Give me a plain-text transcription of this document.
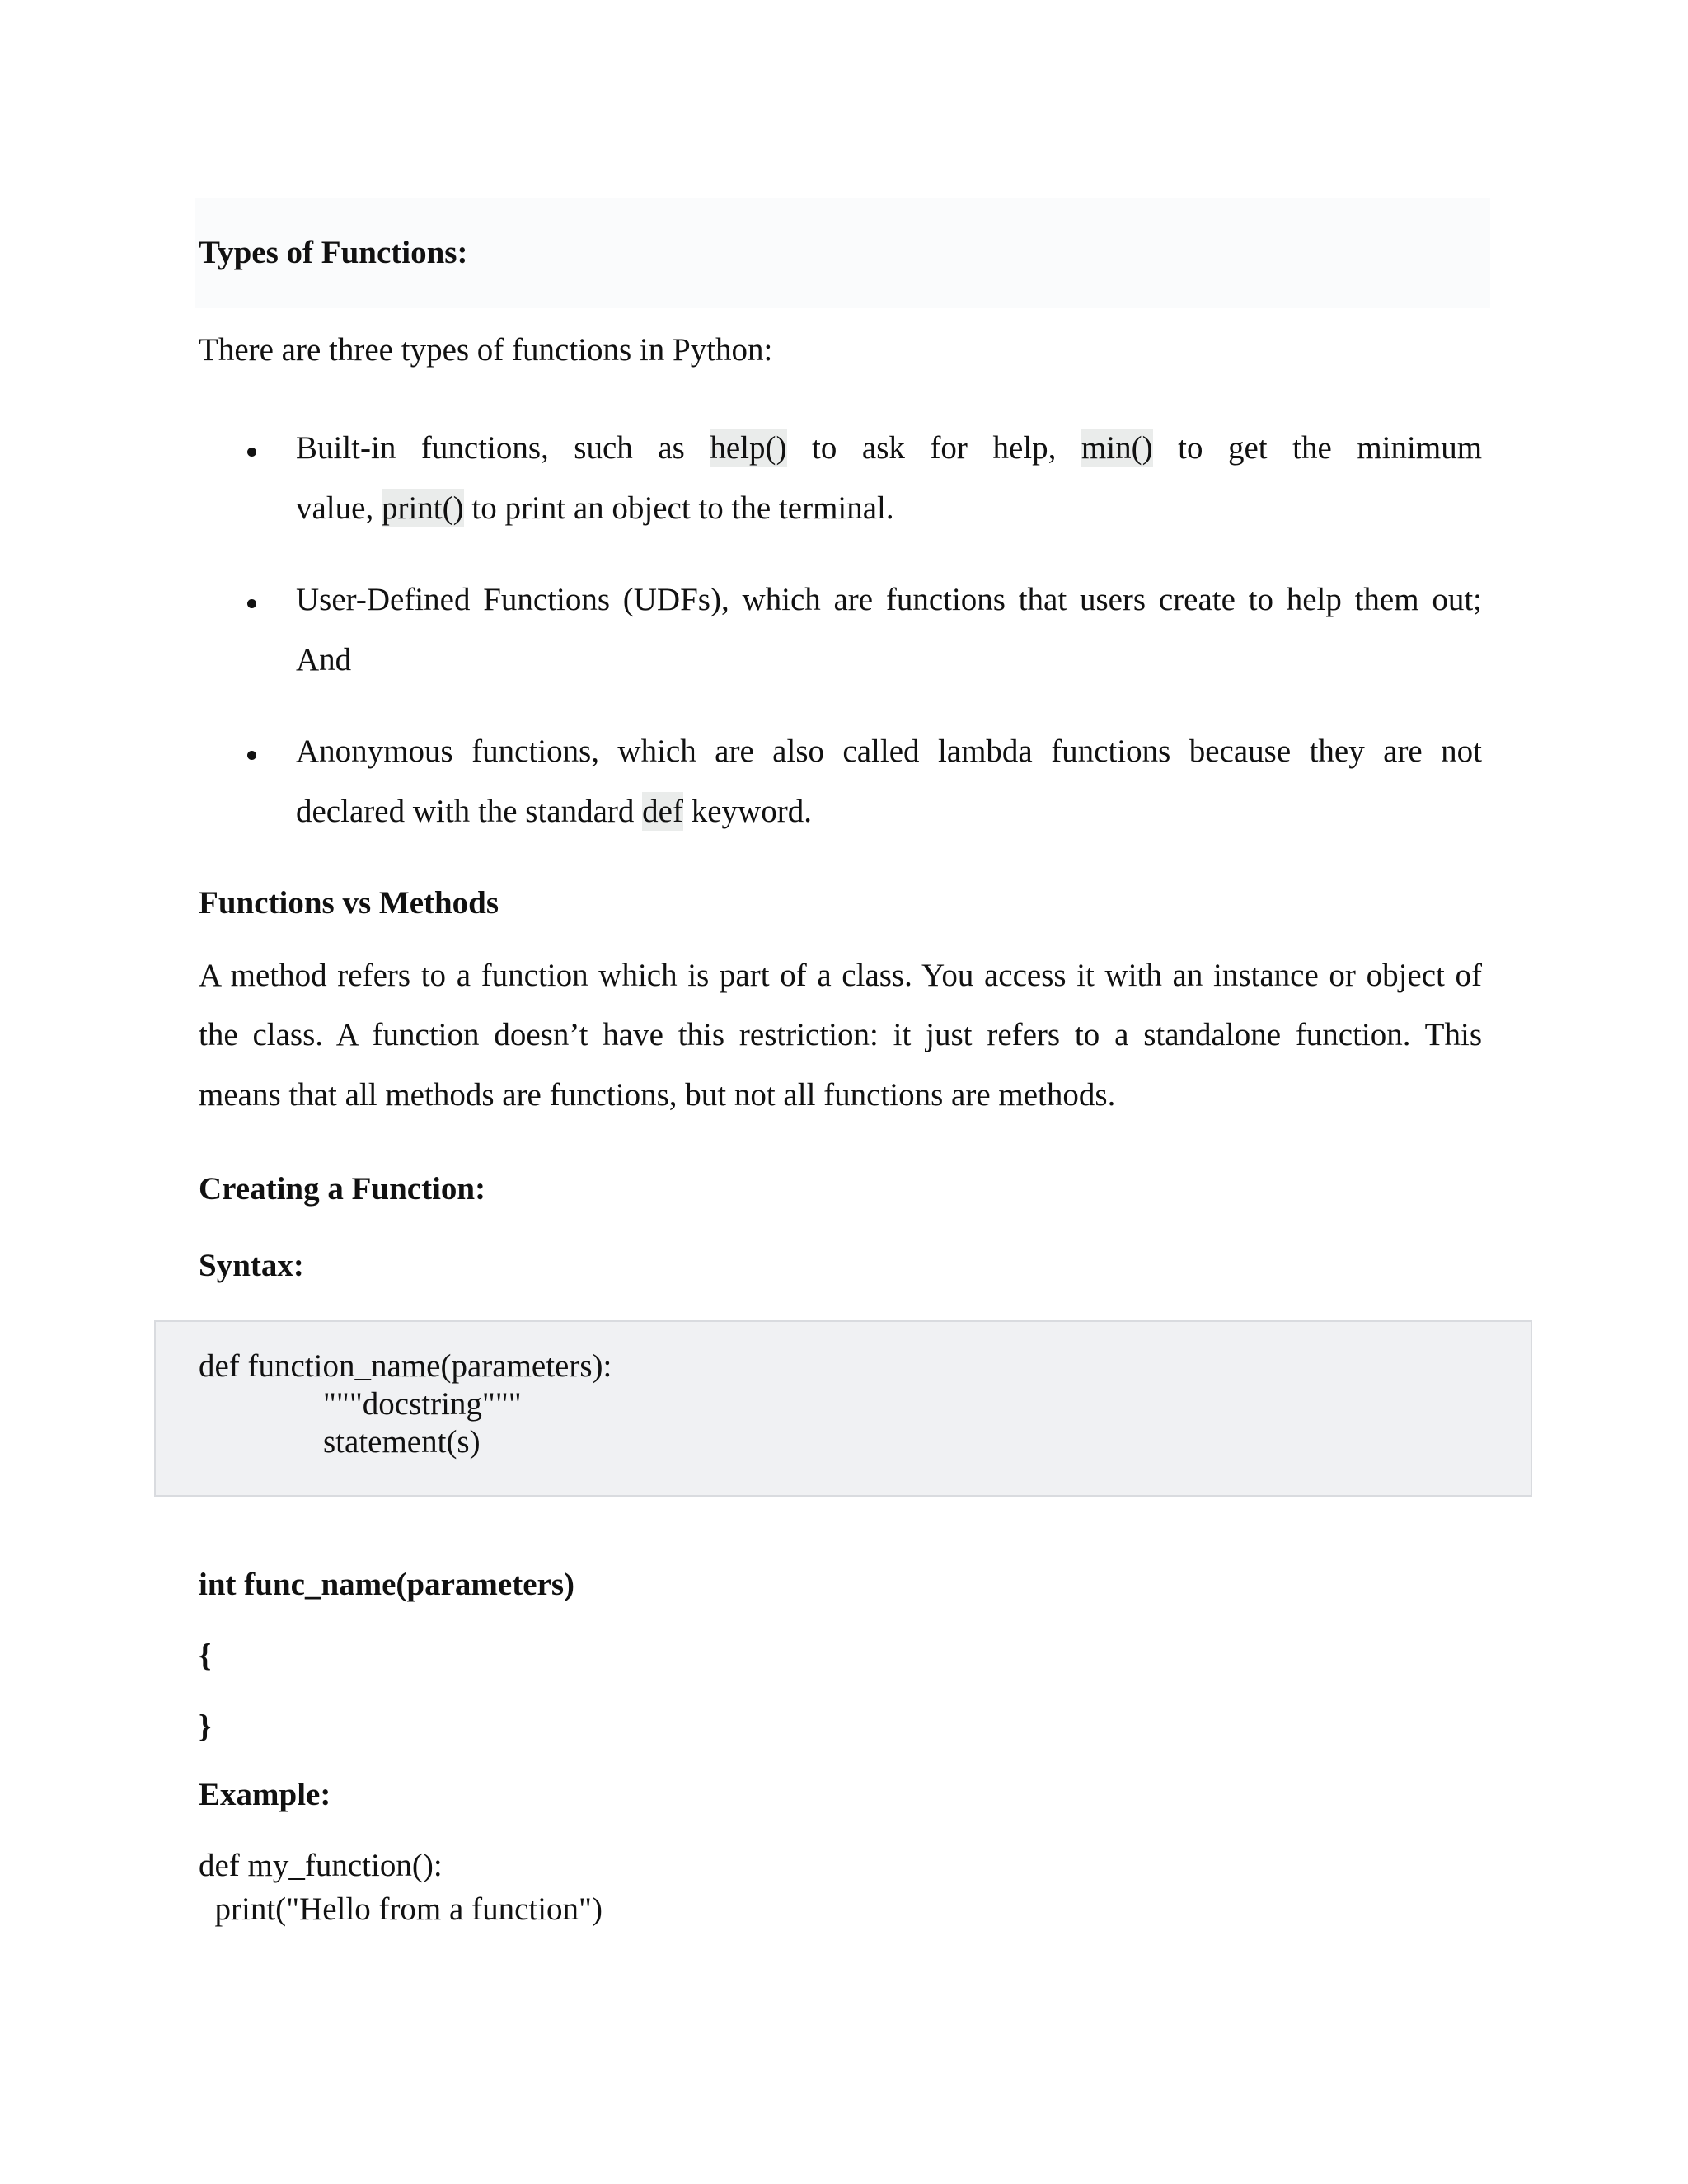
Types of Functions:
There are three types of functions in Python:
Built-in functions, such as help() to ask for help, min() to get the minimum
value, print() to print an object to the terminal.
User-Defined Functions (UDFs), which are functions that users create to help them out;
And
Anonymous functions, which are also called lambda functions because they are not
declared with the standard def keyword.
Functions vs Methods
A method refers to a function which is part of a class. You access it with an instance or object of
the class. A function doesn’t have this restriction: it just refers to a standalone function. This
means that all methods are functions, but not all functions are methods.
Creating a Function:
Syntax:
def function_name(parameters):
"""docstring"""
statement(s)
int func_name(parameters)
{
}
Example:
def my_function():
print("Hello from a function")
